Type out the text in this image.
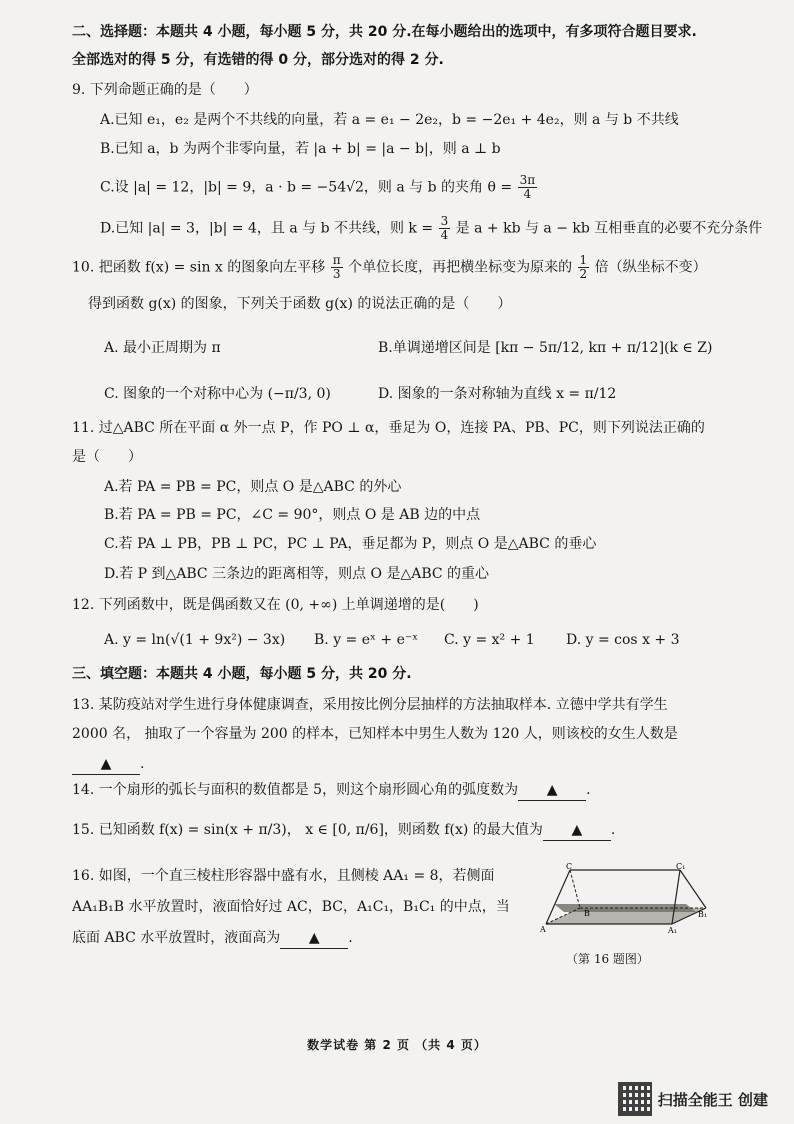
二、选择题：本题共 4 小题，每小题 5 分，共 20 分.在每小题给出的选项中，有多项符合题目要求.
全部选对的得 5 分，有选错的得 0 分，部分选对的得 2 分.
9. 下列命题正确的是（　　）
A.已知 e₁，e₂ 是两个不共线的向量，若 a = e₁ − 2e₂，b = −2e₁ + 4e₂，则 a 与 b 不共线
B.已知 a，b 为两个非零向量，若 |a + b| = |a − b|，则 a ⊥ b
C.设 |a| = 12，|b| = 9，a · b = −54√2，则 a 与 b 的夹角 $\theta = \frac{3\pi}{4}$
D.已知 |a| = 3，|b| = 4，且 a 与 b 不共线，则 $k = \frac{3}{4}$ 是 a + kb 与 a − kb 互相垂直的必要不充分条件
10. 把函数 f(x) = sin x 的图象向左平移 $\frac{\pi}{3}$ 个单位长度，再把横坐标变为原来的 $\frac{1}{2}$ 倍（纵坐标不变）
得到函数 g(x) 的图象，下列关于函数 g(x) 的说法正确的是（　　）
A. 最小正周期为 π	B.单调递增区间是 [kπ − 5π/12, kπ + π/12](k ∈ Z)
C. 图象的一个对称中心为 (−π/3, 0)	D. 图象的一条对称轴为直线 x = π/12
11. 过△ABC 所在平面 α 外一点 P，作 PO ⊥ α，垂足为 O，连接 PA、PB、PC，则下列说法正确的
是（　　）
A.若 PA = PB = PC，则点 O 是△ABC 的外心
B.若 PA = PB = PC，∠C = 90°，则点 O 是 AB 边的中点
C.若 PA ⊥ PB，PB ⊥ PC，PC ⊥ PA，垂足都为 P，则点 O 是△ABC 的垂心
D.若 P 到△ABC 三条边的距离相等，则点 O 是△ABC 的重心
12. 下列函数中，既是偶函数又在 (0, +∞) 上单调递增的是(　　)
A. y = ln(√(1 + 9x²) − 3x) B. y = eˣ + e⁻ˣ C. y = x² + 1 D. y = cos x + 3
三、填空题：本题共 4 小题，每小题 5 分，共 20 分.
13. 某防疫站对学生进行身体健康调查，采用按比例分层抽样的方法抽取样本. 立德中学共有学生
2000 名， 抽取了一个容量为 200 的样本，已知样本中男生人数为 120 人，则该校的女生人数是
▲ .
14. 一个扇形的弧长与面积的数值都是 5，则这个扇形圆心角的弧度数为 ▲ .
15. 已知函数 f(x) = sin(x + π/3)， x ∈ [0, π/6]，则函数 f(x) 的最大值为 ▲ .
16. 如图，一个直三棱柱形容器中盛有水，且侧棱 AA₁ = 8，若侧面
AA₁B₁B 水平放置时，液面恰好过 AC，BC，A₁C₁，B₁C₁ 的中点，当
底面 ABC 水平放置时，液面高为 ▲ .
C	C₁
A	A₁
B	B₁
（第 16 题图）
数学试卷 第 2 页 （共 4 页）
扫描全能王 创建
